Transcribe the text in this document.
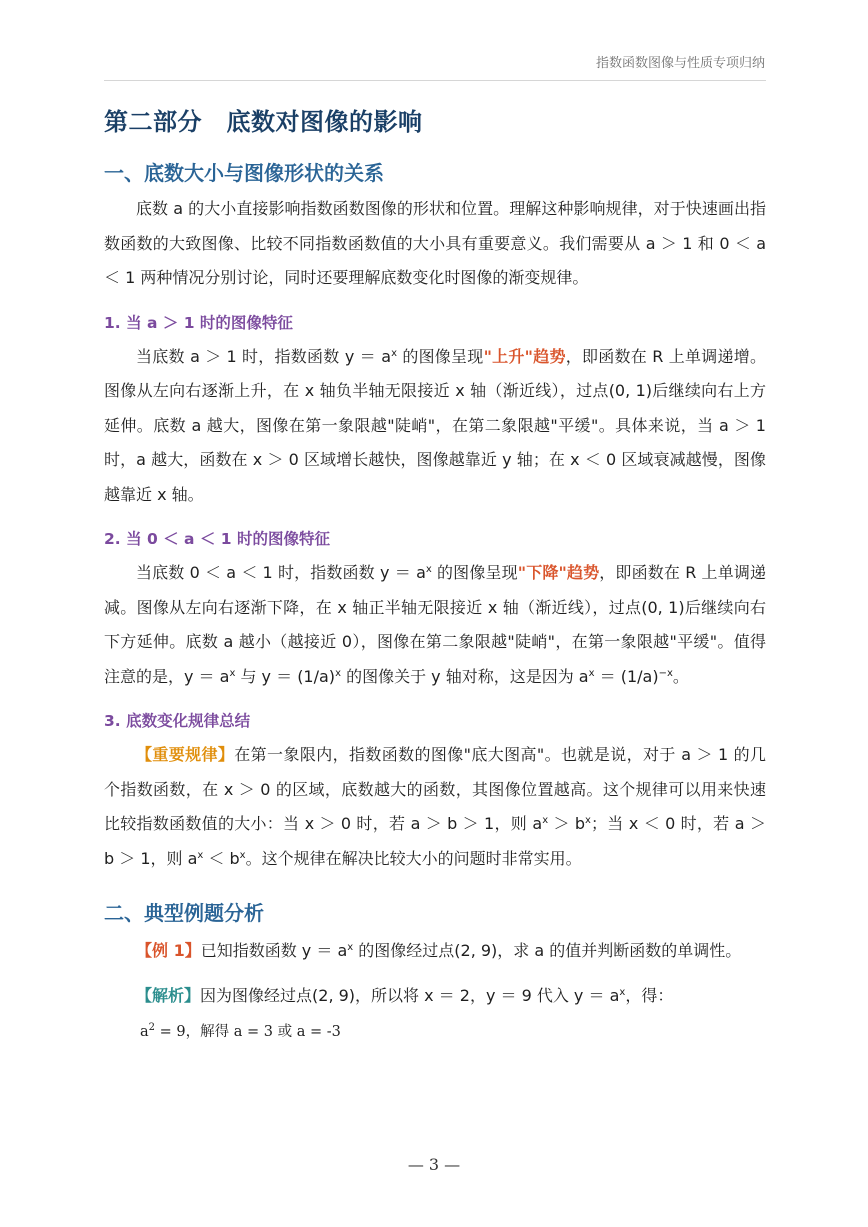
指数函数图像与性质专项归纳
第二部分　底数对图像的影响
一、底数大小与图像形状的关系

底数 a 的大小直接影响指数函数图像的形状和位置。理解这种影响规律，对于快速画出指数函数的大致图像、比较不同指数函数值的大小具有重要意义。我们需要从 a ＞ 1 和 0 ＜ a ＜ 1 两种情况分别讨论，同时还要理解底数变化时图像的渐变规律。

1. 当 a ＞ 1 时的图像特征

当底数 a ＞ 1 时，指数函数 $y = a^x$ 的图像呈现"上升"趋势，即函数在 R 上单调递增。图像从左向右逐渐上升，在 x 轴负半轴无限接近 x 轴（渐近线），过点(0, 1)后继续向右上方延伸。底数 a 越大，图像在第一象限越"陡峭"，在第二象限越"平缓"。具体来说，当 a ＞ 1 时，a 越大，函数在 x ＞ 0 区域增长越快，图像越靠近 y 轴；在 x ＜ 0 区域衰减越慢，图像越靠近 x 轴。

2. 当 0 ＜ a ＜ 1 时的图像特征

当底数 0 ＜ a ＜ 1 时，指数函数 $y = a^x$ 的图像呈现"下降"趋势，即函数在 R 上单调递减。图像从左向右逐渐下降，在 x 轴正半轴无限接近 x 轴（渐近线），过点(0, 1)后继续向右下方延伸。底数 a 越小（越接近 0），图像在第二象限越"陡峭"，在第一象限越"平缓"。值得注意的是，$y = a^x$ 与 $y = (1/a)^x$ 的图像关于 y 轴对称，这是因为 $a^x = (1/a)^{-x}$。

3. 底数变化规律总结

【重要规律】在第一象限内，指数函数的图像"底大图高"。也就是说，对于 a ＞ 1 的几个指数函数，在 x ＞ 0 的区域，底数越大的函数，其图像位置越高。这个规律可以用来快速比较指数函数值的大小：当 x ＞ 0 时，若 a ＞ b ＞ 1，则 $a^x > b^x$；当 x ＜ 0 时，若 a ＞ b ＞ 1，则 $a^x < b^x$。这个规律在解决比较大小的问题时非常实用。

二、典型例题分析

【例 1】已知指数函数 $y = a^x$ 的图像经过点(2, 9)，求 a 的值并判断函数的单调性。

【解析】因为图像经过点(2, 9)，所以将 x ＝ 2，y ＝ 9 代入 $y = a^x$，得：

$a^2 = 9$，解得 a = 3 或 a = -3

— 3 —
